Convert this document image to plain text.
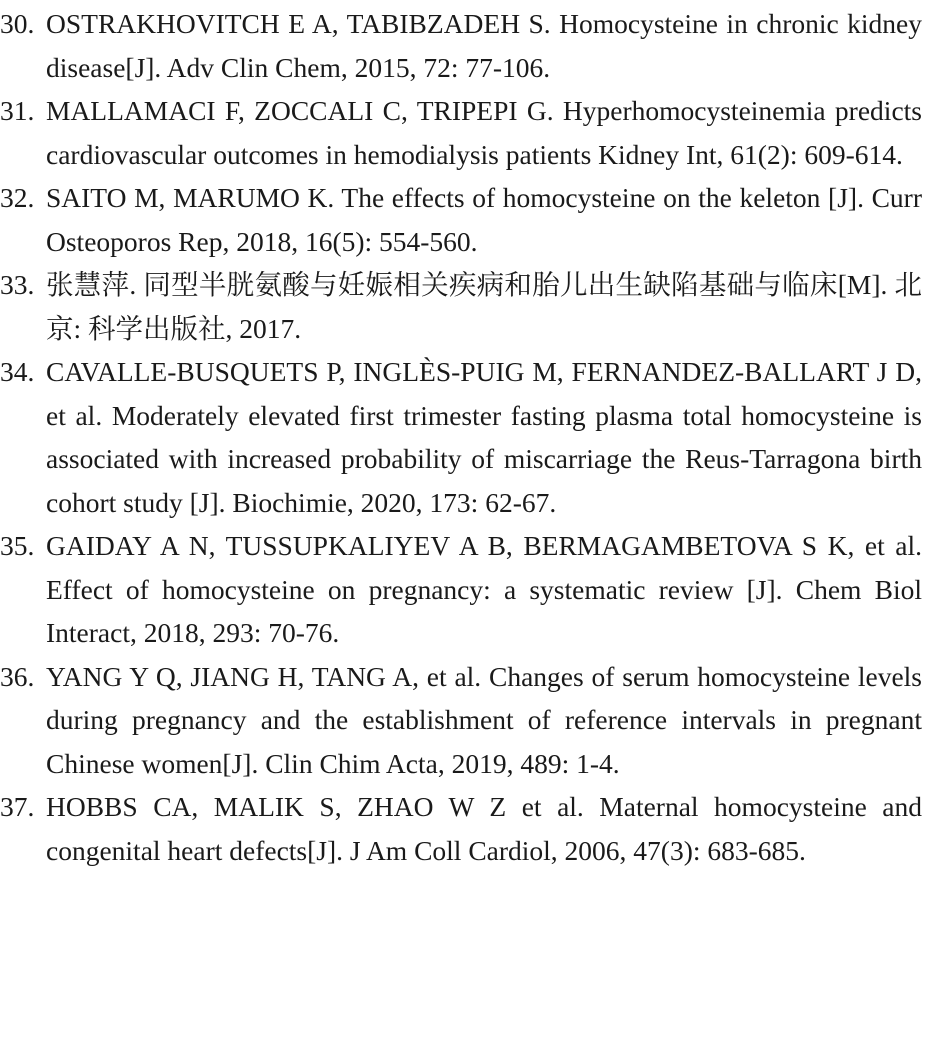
30. OSTRAKHOVITCH E A, TABIBZADEH S. Homocysteine in chronic kidney disease[J]. Adv Clin Chem, 2015, 72: 77-106.
31. MALLAMACI F, ZOCCALI C, TRIPEPI G. Hyperhomocysteinemia predicts cardiovascular outcomes in hemodialysis patients Kidney Int, 61(2): 609-614.
32. SAITO M, MARUMO K. The effects of homocysteine on the keleton [J]. Curr Osteoporos Rep, 2018, 16(5): 554-560.
33. 张慧萍. 同型半胱氨酸与妊娠相关疾病和胎儿出生缺陷基础与临床[M]. 北京: 科学出版社, 2017.
34. CAVALLE-BUSQUETS P, INGLÈS-PUIG M, FERNANDEZ-BALLART J D, et al. Moderately elevated first trimester fasting plasma total homocysteine is associated with increased probability of miscarriage the Reus-Tarragona birth cohort study [J]. Biochimie, 2020, 173: 62-67.
35. GAIDAY A N, TUSSUPKALIYEV A B, BERMAGAMBETOVA S K, et al. Effect of homocysteine on pregnancy: a systematic review [J]. Chem Biol Interact, 2018, 293: 70-76.
36. YANG Y Q, JIANG H, TANG A, et al. Changes of serum homocysteine levels during pregnancy and the establishment of reference intervals in pregnant Chinese women[J]. Clin Chim Acta, 2019, 489: 1-4.
37. HOBBS CA, MALIK S, ZHAO W Z et al. Maternal homocysteine and congenital heart defects[J]. J Am Coll Cardiol, 2006, 47(3): 683-685.
